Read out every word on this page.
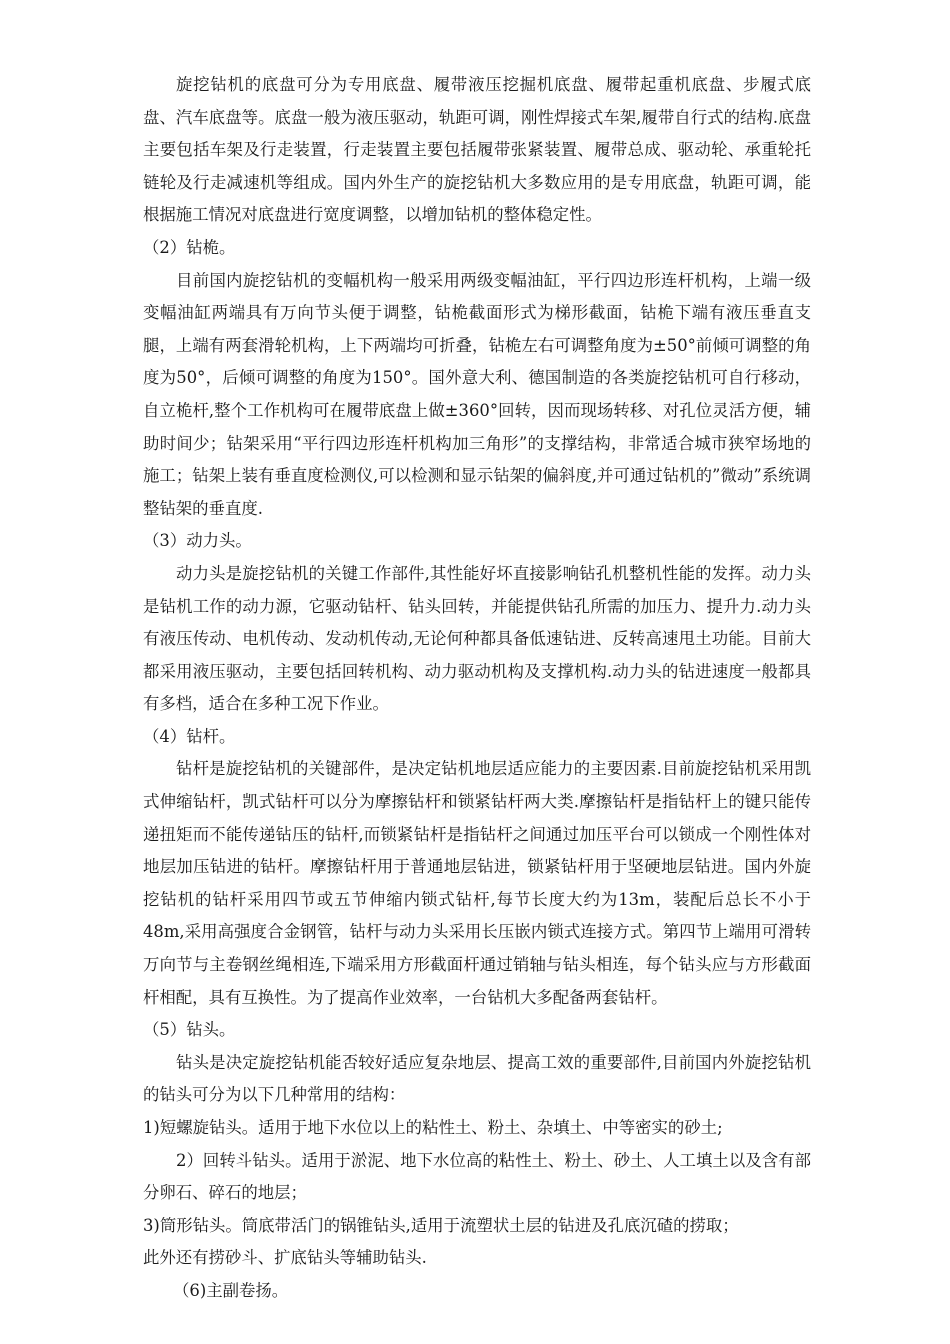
旋挖钻机的底盘可分为专用底盘、履带液压挖掘机底盘、履带起重机底盘、步履式底盘、汽车底盘等。底盘一般为液压驱动，轨距可调，刚性焊接式车架,履带自行式的结构.底盘主要包括车架及行走装置，行走装置主要包括履带张紧装置、履带总成、驱动轮、承重轮托链轮及行走减速机等组成。国内外生产的旋挖钻机大多数应用的是专用底盘，轨距可调，能根据施工情况对底盘进行宽度调整，以增加钻机的整体稳定性。

（2）钻桅。

目前国内旋挖钻机的变幅机构一般采用两级变幅油缸，平行四边形连杆机构，上端一级变幅油缸两端具有万向节头便于调整，钻桅截面形式为梯形截面，钻桅下端有液压垂直支腿，上端有两套滑轮机构，上下两端均可折叠，钻桅左右可调整角度为±50°前倾可调整的角度为50°，后倾可调整的角度为150°。国外意大利、德国制造的各类旋挖钻机可自行移动，自立桅杆,整个工作机构可在履带底盘上做±360°回转，因而现场转移、对孔位灵活方便，辅助时间少；钻架采用“平行四边形连杆机构加三角形”的支撑结构，非常适合城市狭窄场地的施工；钻架上装有垂直度检测仪,可以检测和显示钻架的偏斜度,并可通过钻机的”微动”系统调整钻架的垂直度.

（3）动力头。

动力头是旋挖钻机的关键工作部件,其性能好坏直接影响钻孔机整机性能的发挥。动力头是钻机工作的动力源，它驱动钻杆、钻头回转，并能提供钻孔所需的加压力、提升力.动力头有液压传动、电机传动、发动机传动,无论何种都具备低速钻进、反转高速甩土功能。目前大都采用液压驱动，主要包括回转机构、动力驱动机构及支撑机构.动力头的钻进速度一般都具有多档，适合在多种工况下作业。

（4）钻杆。

钻杆是旋挖钻机的关键部件，是决定钻机地层适应能力的主要因素.目前旋挖钻机采用凯式伸缩钻杆，凯式钻杆可以分为摩擦钻杆和锁紧钻杆两大类.摩擦钻杆是指钻杆上的键只能传递扭矩而不能传递钻压的钻杆,而锁紧钻杆是指钻杆之间通过加压平台可以锁成一个刚性体对地层加压钻进的钻杆。摩擦钻杆用于普通地层钻进，锁紧钻杆用于坚硬地层钻进。国内外旋挖钻机的钻杆采用四节或五节伸缩内锁式钻杆,每节长度大约为13m，装配后总长不小于48m,采用高强度合金钢管，钻杆与动力头采用长压嵌内锁式连接方式。第四节上端用可滑转万向节与主卷钢丝绳相连,下端采用方形截面杆通过销轴与钻头相连，每个钻头应与方形截面杆相配，具有互换性。为了提高作业效率，一台钻机大多配备两套钻杆。

（5）钻头。

钻头是决定旋挖钻机能否较好适应复杂地层、提高工效的重要部件,目前国内外旋挖钻机的钻头可分为以下几种常用的结构：

1)短螺旋钻头。适用于地下水位以上的粘性土、粉土、杂填土、中等密实的砂土;

2）回转斗钻头。适用于淤泥、地下水位高的粘性土、粉土、砂土、人工填土以及含有部分卵石、碎石的地层；

3)筒形钻头。筒底带活门的锅锥钻头,适用于流塑状土层的钻进及孔底沉碴的捞取；

此外还有捞砂斗、扩底钻头等辅助钻头.

（6)主副卷扬。
